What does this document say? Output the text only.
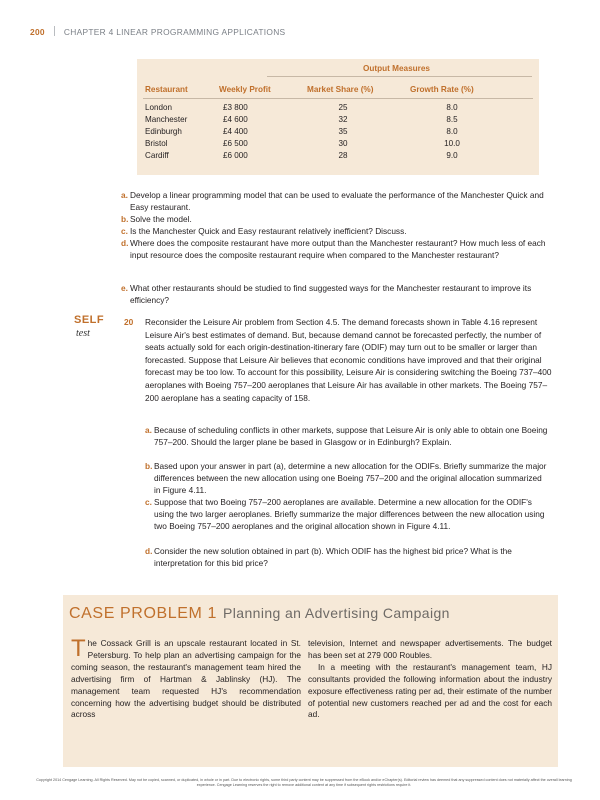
200 CHAPTER 4 LINEAR PROGRAMMING APPLICATIONS
Output Measures
Restaurant	Weekly Profit	Market Share (%)	Growth Rate (%)
London	£3 800	25	8.0
Manchester	£4 600	32	8.5
Edinburgh	£4 400	35	8.0
Bristol	£6 500	30	10.0
Cardiff	£6 000	28	9.0
a. Develop a linear programming model that can be used to evaluate the performance of the Manchester Quick and Easy restaurant.
b. Solve the model.
c. Is the Manchester Quick and Easy restaurant relatively inefficient? Discuss.
d. Where does the composite restaurant have more output than the Manchester restaurant? How much less of each input resource does the composite restaurant require when compared to the Manchester restaurant?
e. What other restaurants should be studied to find suggested ways for the Manchester restaurant to improve its efficiency?
SELF
test
20 Reconsider the Leisure Air problem from Section 4.5. The demand forecasts shown in Table 4.16 represent Leisure Air's best estimates of demand. But, because demand cannot be forecasted perfectly, the number of seats actually sold for each origin-destination-itinerary fare (ODIF) may turn out to be smaller or larger than forecasted. Suppose that Leisure Air believes that economic conditions have improved and that their original forecast may be too low. To account for this possibility, Leisure Air is considering switching the Boeing 737–400 aeroplanes with Boeing 757–200 aeroplanes that Leisure Air has available in other markets. The Boeing 757–200 aeroplane has a seating capacity of 158.
a. Because of scheduling conflicts in other markets, suppose that Leisure Air is only able to obtain one Boeing 757–200. Should the larger plane be based in Glasgow or in Edinburgh? Explain.
b. Based upon your answer in part (a), determine a new allocation for the ODIFs. Briefly summarize the major differences between the new allocation using one Boeing 757–200 and the original allocation summarized in Figure 4.11.
c. Suppose that two Boeing 757–200 aeroplanes are available. Determine a new allocation for the ODIF's using the two larger aeroplanes. Briefly summarize the major differences between the new allocation using two Boeing 757–200 aeroplanes and the original allocation shown in Figure 4.11.
d. Consider the new solution obtained in part (b). Which ODIF has the highest bid price? What is the interpretation for this bid price?
CASE PROBLEM 1 Planning an Advertising Campaign
The Cossack Grill is an upscale restaurant located in St. Petersburg. To help plan an advertising campaign for the coming season, the restaurant's management team hired the advertising firm of Hartman & Jablinsky (HJ). The management team requested HJ's recommendation concerning how the advertising budget should be distributed across
television, Internet and newspaper advertisements. The budget has been set at 279 000 Roubles.
In a meeting with the restaurant's management team, HJ consultants provided the following information about the industry exposure effectiveness rating per ad, their estimate of the number of potential new customers reached per ad and the cost for each ad.
Copyright 2014 Cengage Learning. All Rights Reserved. May not be copied, scanned, or duplicated, in whole or in part. Due to electronic rights, some third party content may be suppressed from the eBook and/or eChapter(s). Editorial review has deemed that any suppressed content does not materially affect the overall learning experience. Cengage Learning reserves the right to remove additional content at any time if subsequent rights restrictions require it.
